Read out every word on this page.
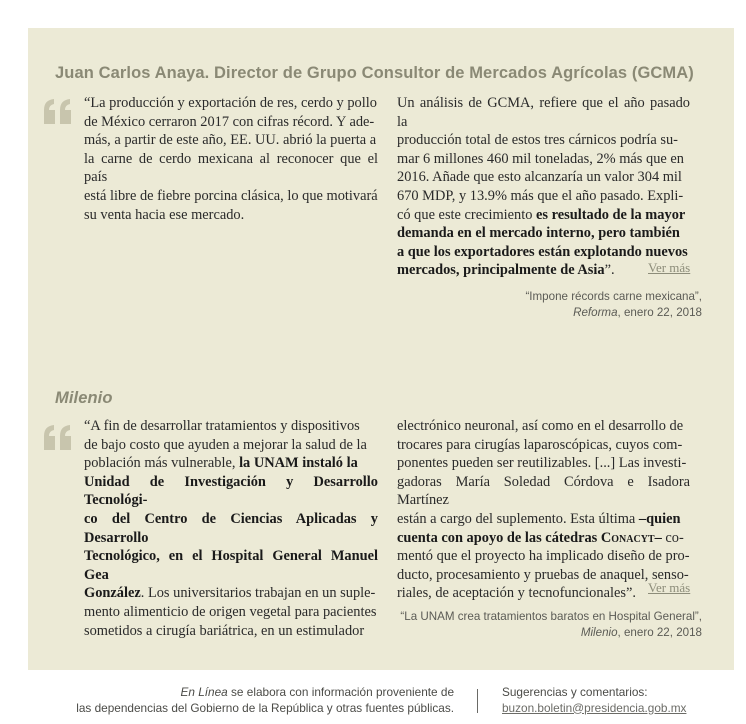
Juan Carlos Anaya. Director de Grupo Consultor de Mercados Agrícolas (GCMA)

“La producción y exportación de res, cerdo y pollo

de México cerraron 2017 con cifras récord. Y ade-

más, a partir de este año, EE. UU. abrió la puerta a

la carne de cerdo mexicana al reconocer que el país

está libre de fiebre porcina clásica, lo que motivará

su venta hacia ese mercado.

Un análisis de GCMA, refiere que el año pasado la

producción total de estos tres cárnicos podría su-

mar 6 millones 460 mil toneladas, 2% más que en

2016. Añade que esto alcanzaría un valor 304 mil

670 MDP, y 13.9% más que el año pasado. Expli-

có que este crecimiento es resultado de la mayor

demanda en el mercado interno, pero también

a que los exportadores están explotando nuevos

mercados, principalmente de Asia”.	Ver más
“Impone récords carne mexicana”,
Reforma, enero 22, 2018
Milenio

“A fin de desarrollar tratamientos y dispositivos

de bajo costo que ayuden a mejorar la salud de la

población más vulnerable, la UNAM instaló la

Unidad de Investigación y Desarrollo Tecnológi-

co del Centro de Ciencias Aplicadas y Desarrollo

Tecnológico, en el Hospital General Manuel Gea

González. Los universitarios trabajan en un suple-

mento alimenticio de origen vegetal para pacientes

sometidos a cirugía bariátrica, en un estimulador

electrónico neuronal, así como en el desarrollo de

trocares para cirugías laparoscópicas, cuyos com-

ponentes pueden ser reutilizables. [...] Las investi-

gadoras María Soledad Córdova e Isadora Martínez

están a cargo del suplemento. Esta última –quien

cuenta con apoyo de las cátedras Conacyt– co-

mentó que el proyecto ha implicado diseño de pro-

ducto, procesamiento y pruebas de anaquel, senso-

riales, de aceptación y tecnofuncionales”. Ver más
“La UNAM crea tratamientos baratos en Hospital General”,
Milenio, enero 22, 2018
En Línea se elabora con información proveniente de
las dependencias del Gobierno de la República y otras fuentes públicas.
Sugerencias y comentarios:
buzon.boletin@presidencia.gob.mx
